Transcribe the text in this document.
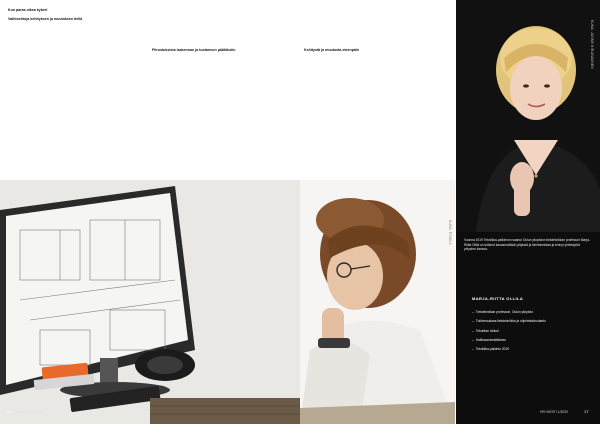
Kun paras oikea kyberi
Vaihtoehtoja kehityksen ja muutoksen tiellä
Piirustuksista laskennan ja tuotannon päätöksiin	Kehitystä ja muutosta eteenpäin
KUVA: PIXELS
KUVA: JANNE KIRJAVAINEN
Vuonna 2019 Tekniikka-palkinnon saanut Oulun yliopiston tietotekniikan professori Marja-Riitta Ollila on tutkinut kansainvälisiä yrityksiä ja tiimitoimintaa ja tehnyt yhteistyötä yritysten kanssa.
MARJA-RIITTA OLLILA
– Tietotekniikan professori, Oulun yliopisto
– Tutkimusalana tietotekniikka ja ohjelmistotuotanto
– Tekniikan tohtori
– Hallitusammattilainen
– Tekniikka-palkinto 2019
HR·VIESTI 1/2020	17
16 HR·VIESTI 1/2020
